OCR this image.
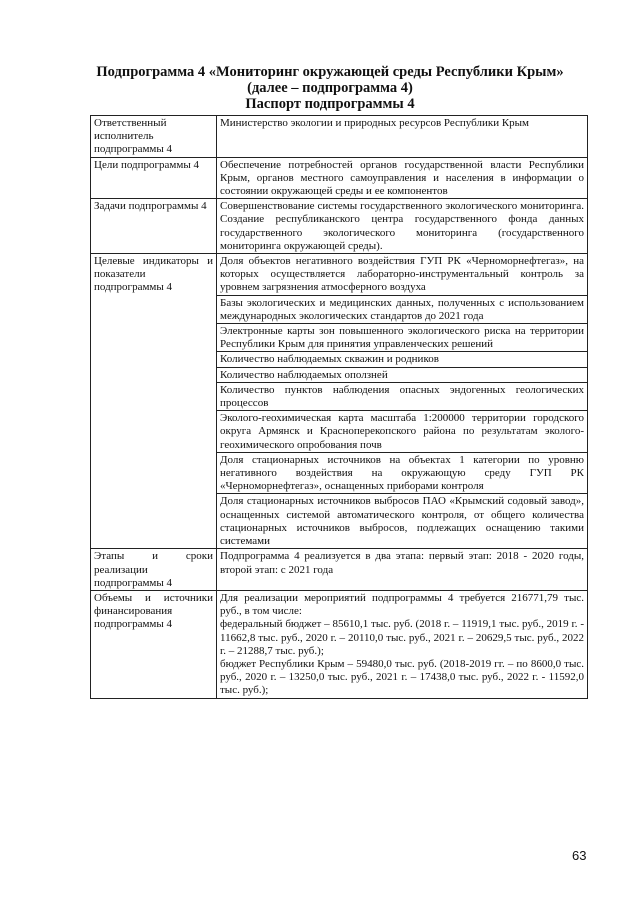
Подпрограмма 4 «Мониторинг окружающей среды Республики Крым»
(далее – подпрограмма 4)
Паспорт подпрограммы 4
Ответственный исполнитель подпрограммы 4	Министерство экологии и природных ресурсов Республики Крым
Цели подпрограммы 4	Обеспечение потребностей органов государственной власти Республики Крым, органов местного самоуправления и населения в информации о состоянии окружающей среды и ее компонентов
Задачи подпрограммы 4	Совершенствование системы государственного экологического мониторинга. Создание республиканского центра государственного фонда данных государственного экологического мониторинга (государственного мониторинга окружающей среды).
Целевые индикаторы и показатели подпрограммы 4	Доля объектов негативного воздействия ГУП РК «Черноморнефтегаз», на которых осуществляется лабораторно-инструментальный контроль за уровнем загрязнения атмосферного воздуха
	Базы экологических и медицинских данных, полученных с использованием международных экологических стандартов до 2021 года
	Электронные карты зон повышенного экологического риска на территории Республики Крым для принятия управленческих решений
	Количество наблюдаемых скважин и родников
	Количество наблюдаемых оползней
	Количество пунктов наблюдения опасных эндогенных геологических процессов
	Эколого-геохимическая карта масштаба 1:200000 территории городского округа Армянск и Красноперекопского района по результатам эколого-геохимического опробования почв
	Доля стационарных источников на объектах 1 категории по уровню негативного воздействия на окружающую среду ГУП РК «Черноморнефтегаз», оснащенных приборами контроля
	Доля стационарных источников выбросов ПАО «Крымский содовый завод», оснащенных системой автоматического контроля, от общего количества стационарных источников выбросов, подлежащих оснащению такими системами
Этапы и сроки реализации подпрограммы 4	Подпрограмма 4 реализуется в два этапа: первый этап: 2018 - 2020 годы, второй этап: с 2021 года
Объемы и источники финансирования подпрограммы 4	Для реализации мероприятий подпрограммы 4 требуется 216771,79 тыс. руб., в том числе:
федеральный бюджет – 85610,1 тыс. руб. (2018 г. – 11919,1 тыс. руб., 2019 г. - 11662,8 тыс. руб., 2020 г. – 20110,0 тыс. руб., 2021 г. – 20629,5 тыс. руб., 2022 г. – 21288,7 тыс. руб.);
бюджет Республики Крым – 59480,0 тыс. руб. (2018-2019 гг. – по 8600,0 тыс. руб., 2020 г. – 13250,0 тыс. руб., 2021 г. – 17438,0 тыс. руб., 2022 г. - 11592,0 тыс. руб.);
63
